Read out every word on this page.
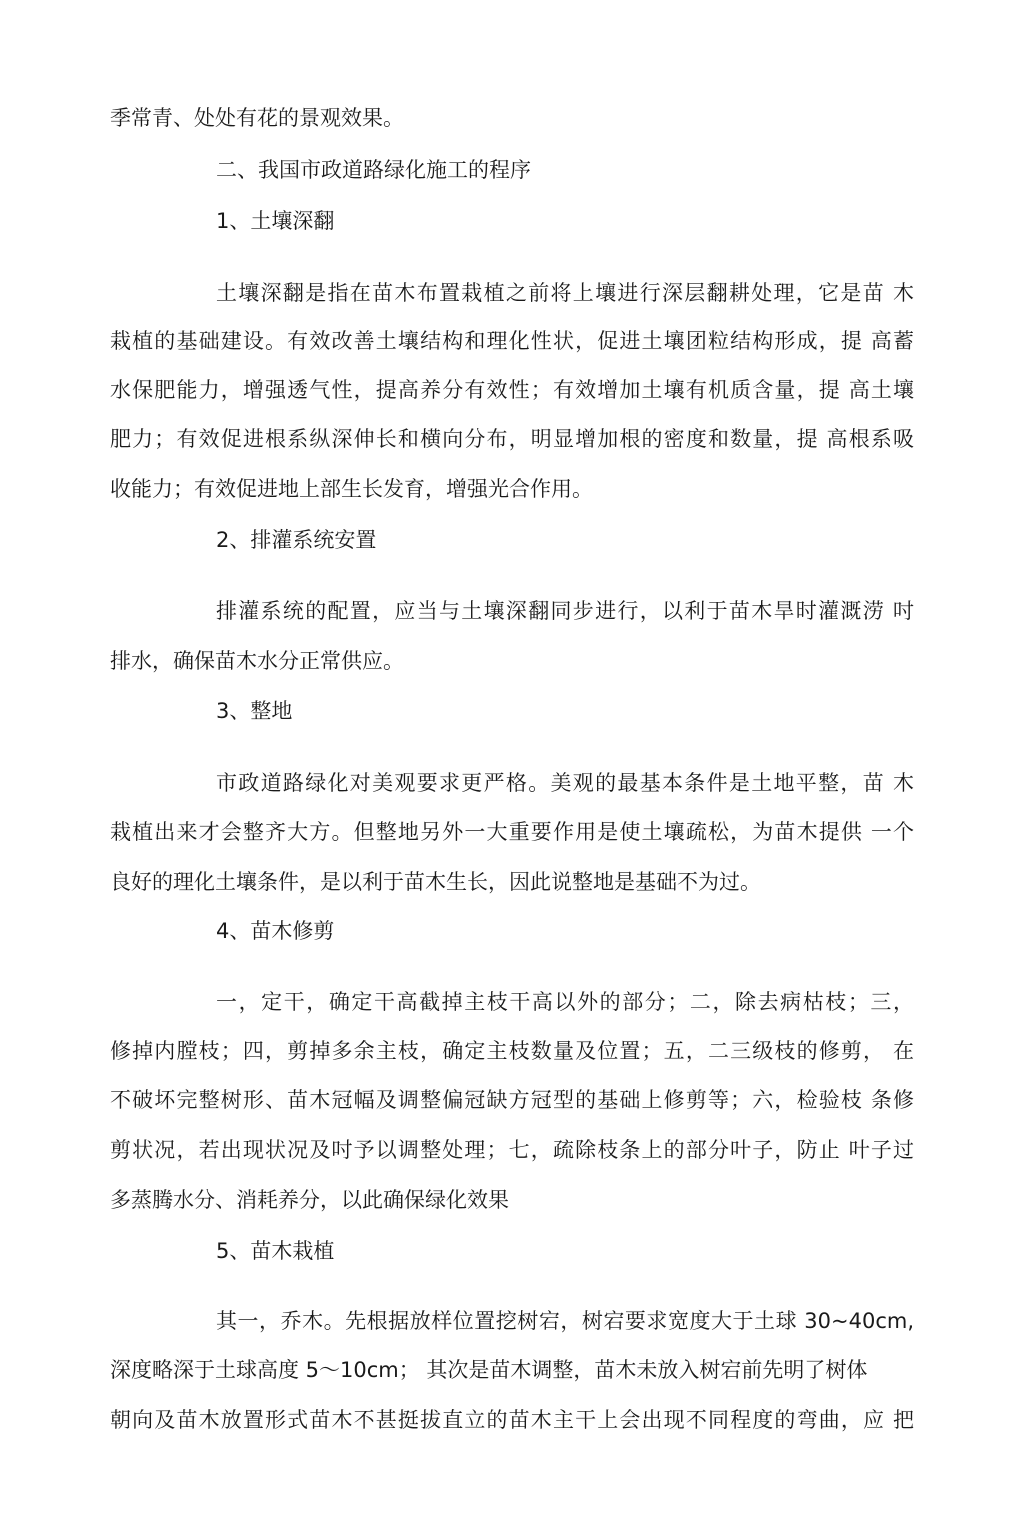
季常青、处处有花的景观效果。
二、我国市政道路绿化施工的程序
1、土壤深翻
土壤深翻是指在苗木布置栽植之前将上壤进行深层翻耕处理，它是苗 木
栽植的基础建设。有效改善土壤结构和理化性状，促进土壤团粒结构形成，提 高蓄
水保肥能力，增强透气性，提高养分有效性；有效增加土壤有机质含量，提 高土壤
肥力；有效促进根系纵深伸长和横向分布，明显增加根的密度和数量，提 高根系吸
收能力；有效促进地上部生长发育，增强光合作用。
2、排灌系统安置
排灌系统的配置，应当与土壤深翻同步进行，以利于苗木旱时灌溉涝 吋
排水，确保苗木水分正常供应。
3、整地
市政道路绿化对美观要求更严格。美观的最基本条件是土地平整，苗 木
栽植出来才会整齐大方。但整地另外一大重要作用是使土壤疏松，为苗木提供 一个
良好的理化土壤条件，是以利于苗木生长，因此说整地是基础不为过。
4、苗木修剪
一，定干，确定干高截掉主枝干高以外的部分；二，除去病枯枝；三，
修掉内膛枝；四，剪掉多余主枝，确定主枝数量及位置；五，二三级枝的修剪， 在
不破坏完整树形、苗木冠幅及调整偏冠缺方冠型的基础上修剪等；六，检验枝 条修
剪状况，若出现状况及吋予以调整处理；七，疏除枝条上的部分叶子，防止 叶子过
多蒸腾水分、消耗养分，以此确保绿化效果
5、苗木栽植
其一，乔木。先根据放样位置挖树宕，树宕要求宽度大于土球 30~40cm,
深度略深于土球高度 5～10cm； 其次是苗木调整，苗木未放入树宕前先明了树体
朝向及苗木放置形式苗木不甚挺拔直立的苗木主干上会出现不同程度的弯曲，应 把
